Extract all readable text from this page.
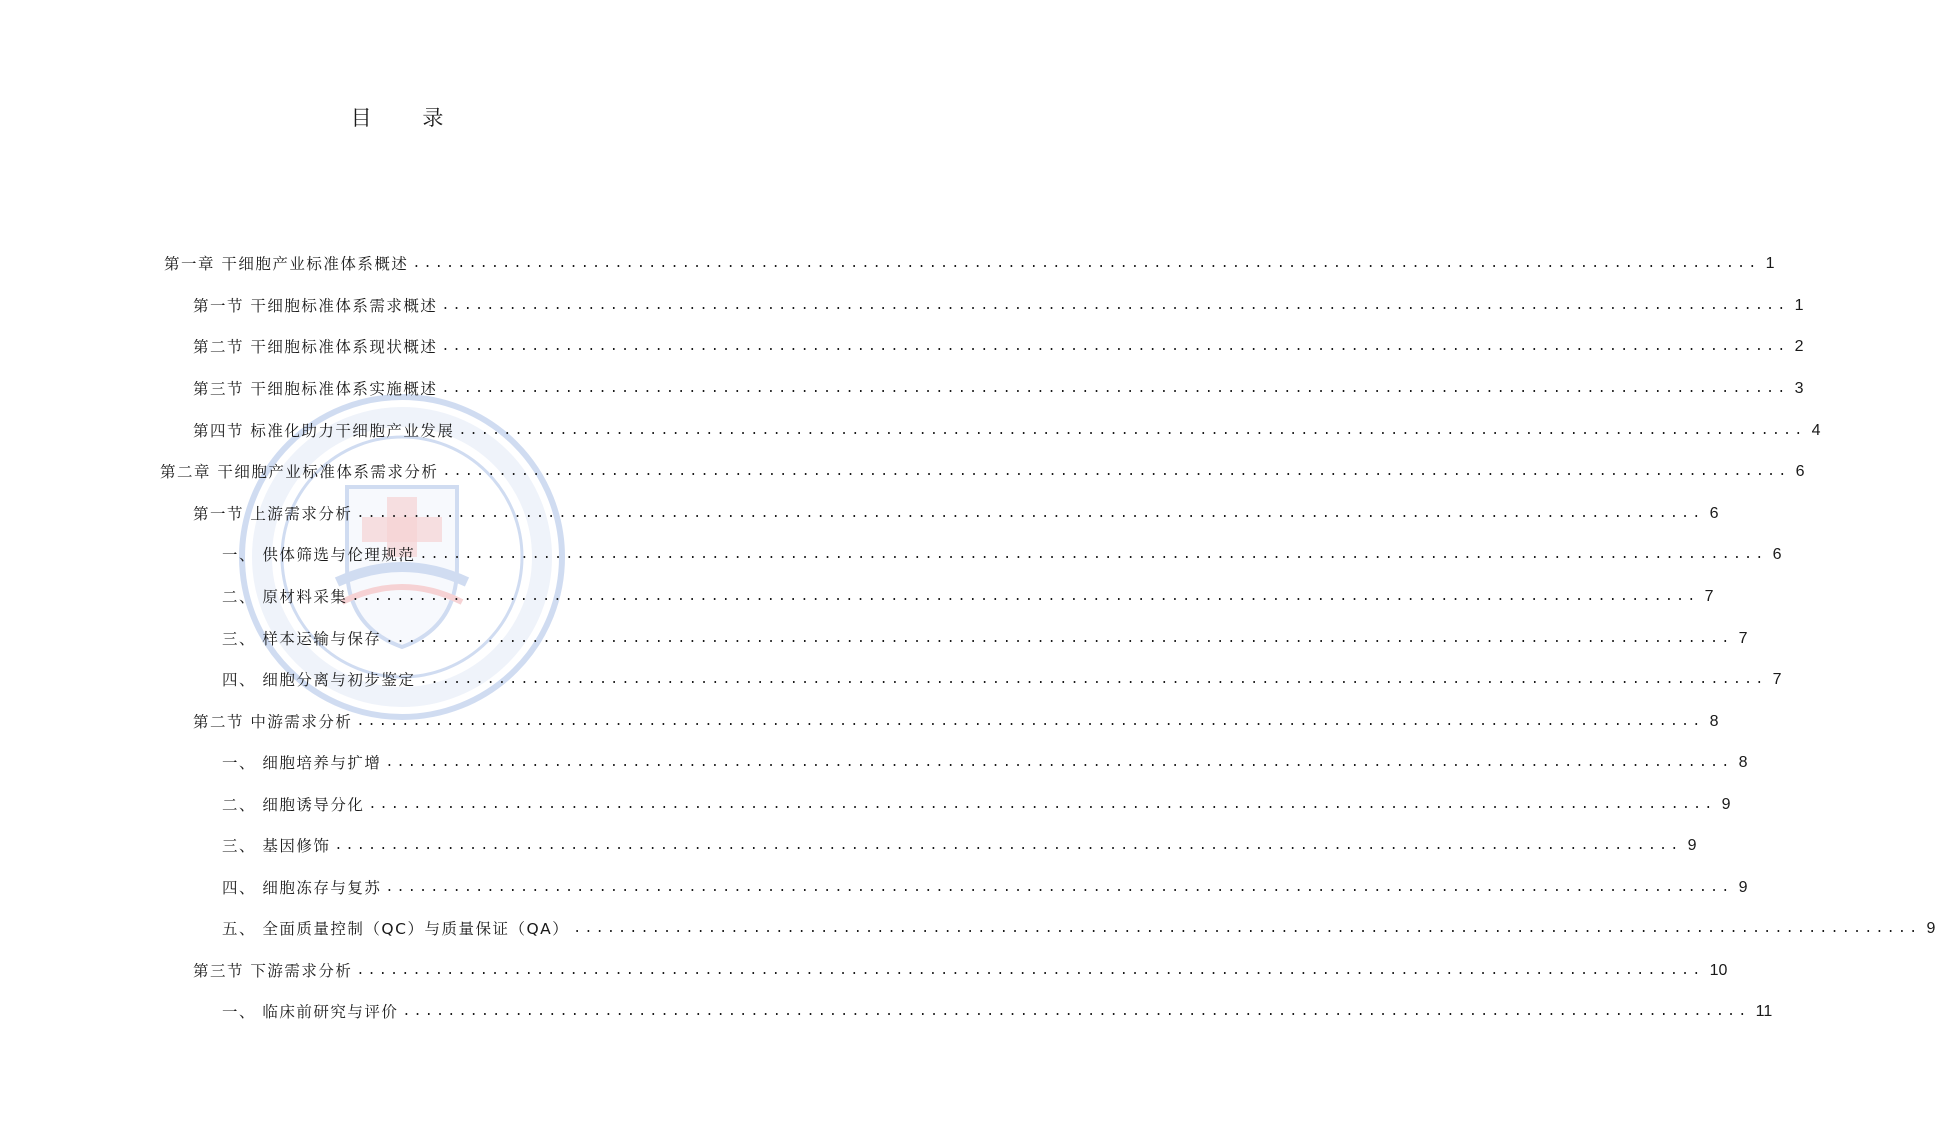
目 录
第一章 干细胞产业标准体系概述 ........................................................................................................................ 1
第一节 干细胞标准体系需求概述 ........................................................................................................................ 1
第二节 干细胞标准体系现状概述 ........................................................................................................................ 2
第三节 干细胞标准体系实施概述 ........................................................................................................................ 3
第四节 标准化助力干细胞产业发展 ........................................................................................................................ 4
第二章 干细胞产业标准体系需求分析 ........................................................................................................................ 6
第一节 上游需求分析 ........................................................................................................................ 6
一、 供体筛选与伦理规范 ........................................................................................................................ 6
二、 原材料采集 ........................................................................................................................ 7
三、 样本运输与保存 ........................................................................................................................ 7
四、 细胞分离与初步鉴定 ........................................................................................................................ 7
第二节 中游需求分析 ........................................................................................................................ 8
一、 细胞培养与扩增 ........................................................................................................................ 8
二、 细胞诱导分化 ........................................................................................................................ 9
三、 基因修饰 ........................................................................................................................ 9
四、 细胞冻存与复苏 ........................................................................................................................ 9
五、 全面质量控制（QC）与质量保证（QA） ........................................................................................................................ 9
第三节 下游需求分析 ........................................................................................................................ 10
一、 临床前研究与评价 ........................................................................................................................ 11
